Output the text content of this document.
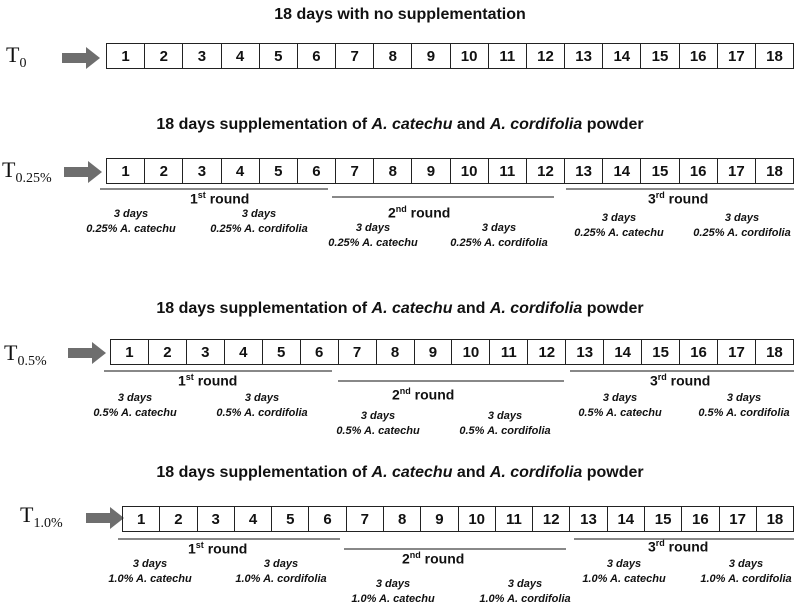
18 days with no supplementation
$T_0$	1	2	3	4	5	6	7	8	9	10	11	12	13	14	15	16	17	18
18 days supplementation of A. catechu and A. cordifolia powder
$T_{0.25\%}$	1	2	3	4	5	6	7	8	9	10	11	12	13	14	15	16	17	18
1st round
2nd round
3rd round
3 days
0.25% A. catechu
3 days
0.25% A. cordifolia	3 days
0.25% A. catechu
3 days
0.25% A. cordifolia
3 days
0.25% A. catechu
3 days
0.25% A. cordifolia
18 days supplementation of A. catechu and A. cordifolia powder
$T_{0.5\%}$
1	2	3	4	5	6	7	8	9	10	11	12	13	14	15	16	17	18
1st round
2nd round
3rd round
3 days
0.5% A. catechu
3 days
0.5% A. cordifolia	3 days
0.5% A. catechu
3 days
0.5% A. cordifolia
3 days
0.5% A. catechu
3 days
0.5% A. cordifolia
18 days supplementation of A. catechu and A. cordifolia powder
$T_{1.0\%}$	1	2	3	4	5	6	7	8	9	10	11	12	13	14	15	16	17	18
1st round
2nd round
3rd round
3 days
1.0% A. catechu
3 days
1.0% A. cordifolia	3 days
1.0% A. catechu
3 days
1.0% A. cordifolia
3 days
1.0% A. catechu
3 days
1.0% A. cordifolia
